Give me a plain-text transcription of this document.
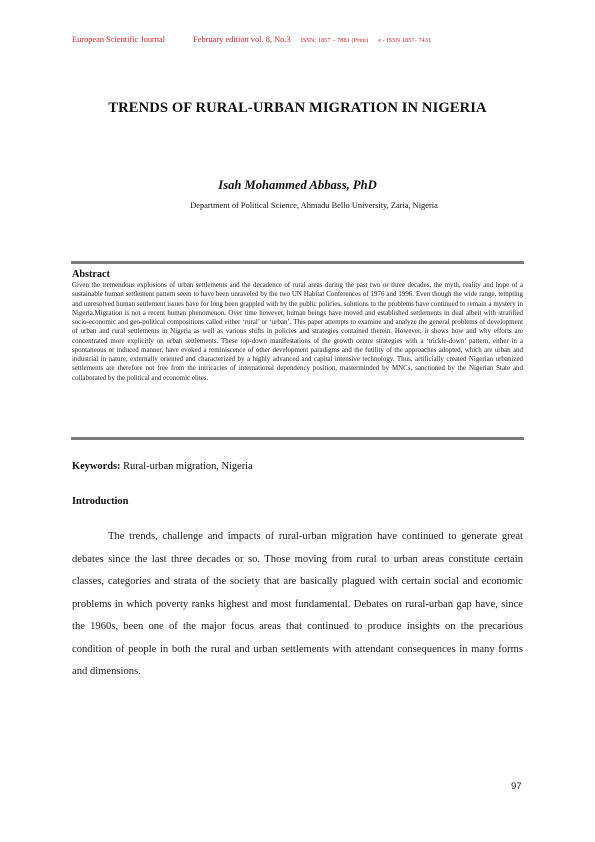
European Scientific Journal	February edition vol. 8, No.3 ISSN: 1857 – 7881 (Print) e - ISSN 1857- 7431
TRENDS OF RURAL-URBAN MIGRATION IN NIGERIA
Isah Mohammed Abbass, PhD
Department of Political Science, Ahmadu Bello University, Zaria, Nigeria
Abstract
Given the tremendous explosions of urban settlements and the decadence of rural areas during the past two or three decades, the myth, reality and hope of a sustainable human settlement pattern seem to have been unraveled by the two UN Habitat Conferences of 1976 and 1996. Even though the wide range, tempting and unresolved human settlement issues have for long been grappled with by the public policies, solutions to the problems have continued to remain a mystery in Nigeria.Migration is not a recent human phenomenon. Over time however, human beings have moved and established settlements in dual albeit with stratified socio-economic and geo-political compositions called either ‘rural’ or ‘urban’. This paper attempts to examine and analyze the general problems of development of urban and rural settlements in Nigeria as well as various shifts in policies and strategies contained therein. However, it shows how and why efforts are concentrated more explicitly on urban settlements. These top-down manifestations of the growth centre strategies with a ‘trickle-down’ pattern, either in a spontaneous or induced manner, have evoked a reminiscence of other development paradigms and the futility of the approaches adopted, which are urban and industrial in nature, externally oriented and characterized by a highly advanced and capital intensive technology. Thus, artificially created Nigerian urbanized settlements are therefore not free from the intricacies of international dependency position, masterminded by MNCs, sanctioned by the Nigerian State and collaborated by the political and economic elites.
Keywords: Rural-urban migration, Nigeria
Introduction
The trends, challenge and impacts of rural-urban migration have continued to generate great debates since the last three decades or so. Those moving from rural to urban areas constitute certain classes, categories and strata of the society that are basically plagued with certain social and economic problems in which poverty ranks highest and most fundamental. Debates on rural-urban gap have, since the 1960s, been one of the major focus areas that continued to produce insights on the precarious condition of people in both the rural and urban settlements with attendant consequences in many forms and dimensions.
97
